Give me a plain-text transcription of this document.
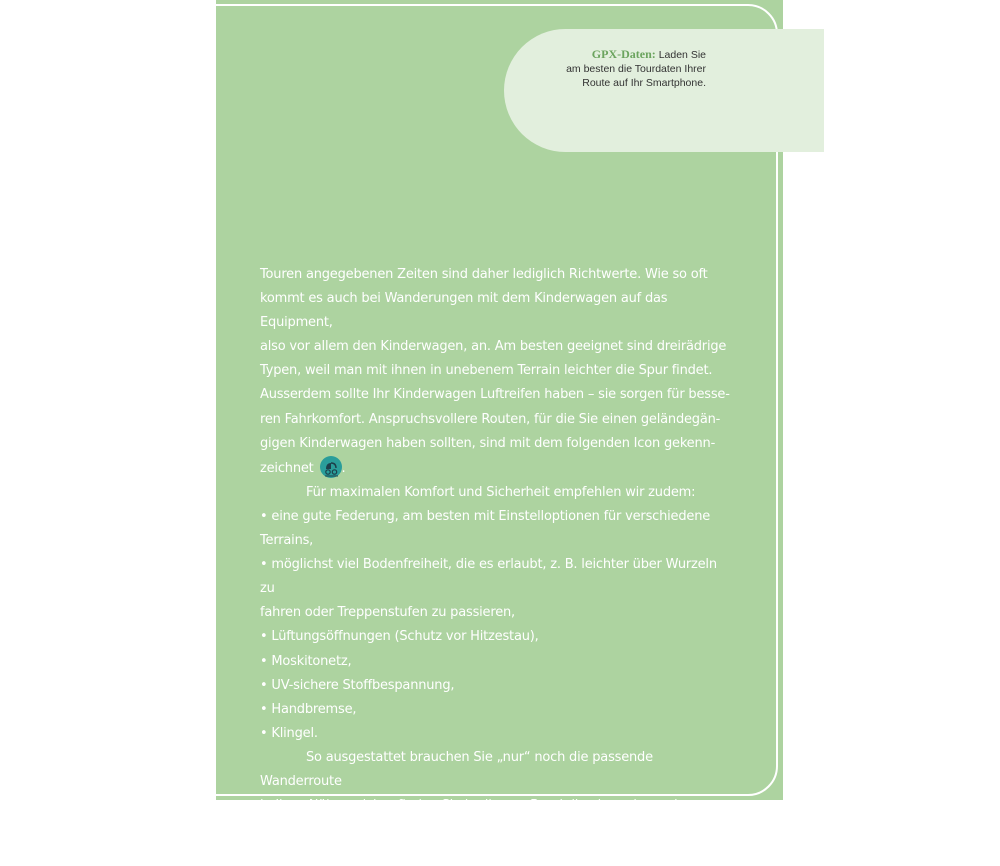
GPX-Daten: Laden Sie
am besten die Tourdaten Ihrer
Route auf Ihr Smartphone.

Touren angegebenen Zeiten sind daher lediglich Richtwerte. Wie so oft
kommt es auch bei Wanderungen mit dem Kinderwagen auf das Equipment,
also vor allem den Kinderwagen, an. Am besten geeignet sind dreirädrige
Typen, weil man mit ihnen in unebenem Terrain leichter die Spur findet.
Ausserdem sollte Ihr Kinderwagen Luftreifen haben – sie sorgen für besse-
ren Fahrkomfort. Anspruchsvollere Routen, für die Sie einen geländegän-
gigen Kinderwagen haben sollten, sind mit dem folgenden Icon gekenn-
zeichnet .

Für maximalen Komfort und Sicherheit empfehlen wir zudem:

• eine gute Federung, am besten mit Einstelloptionen für verschiedene
Terrains,

• möglichst viel Bodenfreiheit, die es erlaubt, z. B. leichter über Wurzeln zu
fahren oder Treppenstufen zu passieren,

• Lüftungsöffnungen (Schutz vor Hitzestau),

• Moskitonetz,

• UV-sichere Stoffbespannung,

• Handbremse,

• Klingel.

So ausgestattet brauchen Sie „nur“ noch die passende Wanderroute
in Ihrer Nähe – sicher finden Sie in diesem Band die eine oder andere Route
in Ihrer Heimat-, Ausflugs- oder Ferienregion. Uf gaht’s!
